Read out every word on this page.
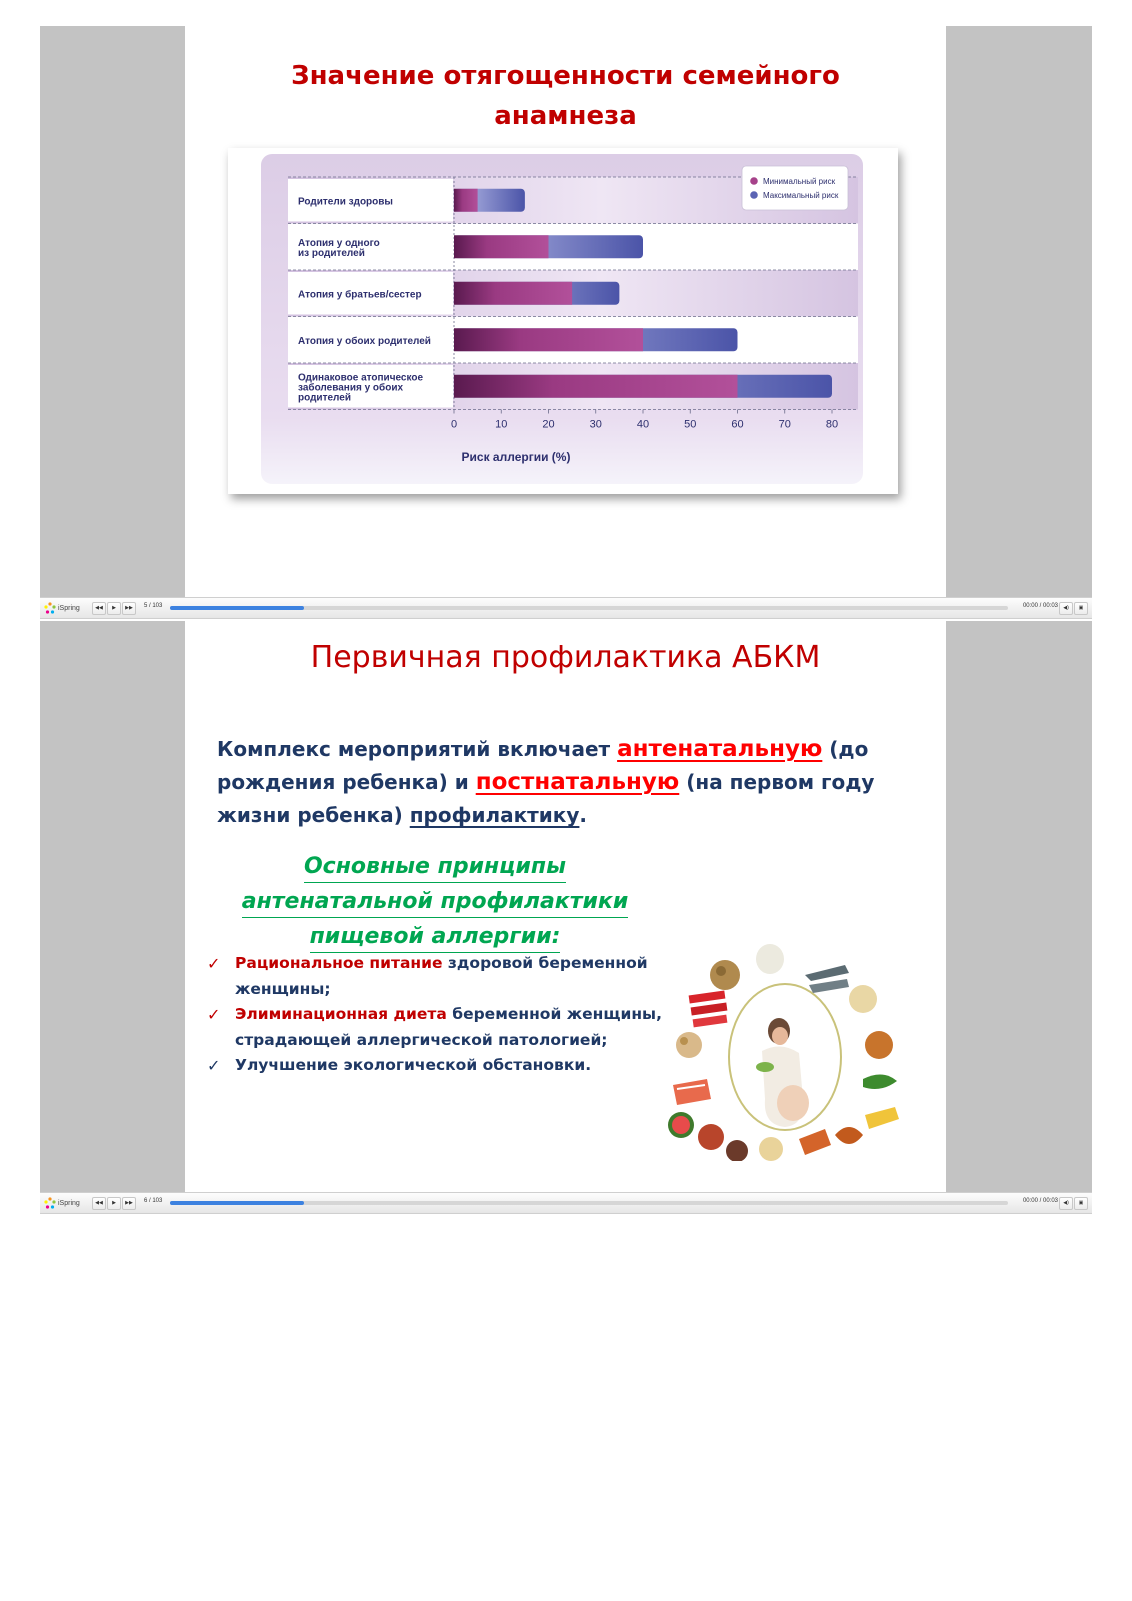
Значение отягощенности семейного
анамнеза
Родители здоровы
Атопия у одного из родителей
Атопия у братьев/сестер
Атопия у обоих родителей
Одинаковое атопическое заболевания у обоих родителей
0	10	20	30	40	50	60	70	80
Минимальный риск
Максимальный риск
Риск аллергии (%)
iSpring	◀◀	▶	▶▶	5 / 103	00:00 / 00:03	◀)	▣
Первичная профилактика АБКМ
Комплекс мероприятий включает антенатальную (до рождения ребенка) и постнатальную (на первом году жизни ребенка) профилактику.
Основные принципы
антенатальной профилактики
пищевой аллергии:
✓ Рациональное питание здоровой беременной женщины;
✓ Элиминационная диета беременной женщины, страдающей аллергической патологией;
✓ Улучшение экологической обстановки.
iSpring	◀◀	▶	▶▶	6 / 103	00:00 / 00:03	◀)	▣
